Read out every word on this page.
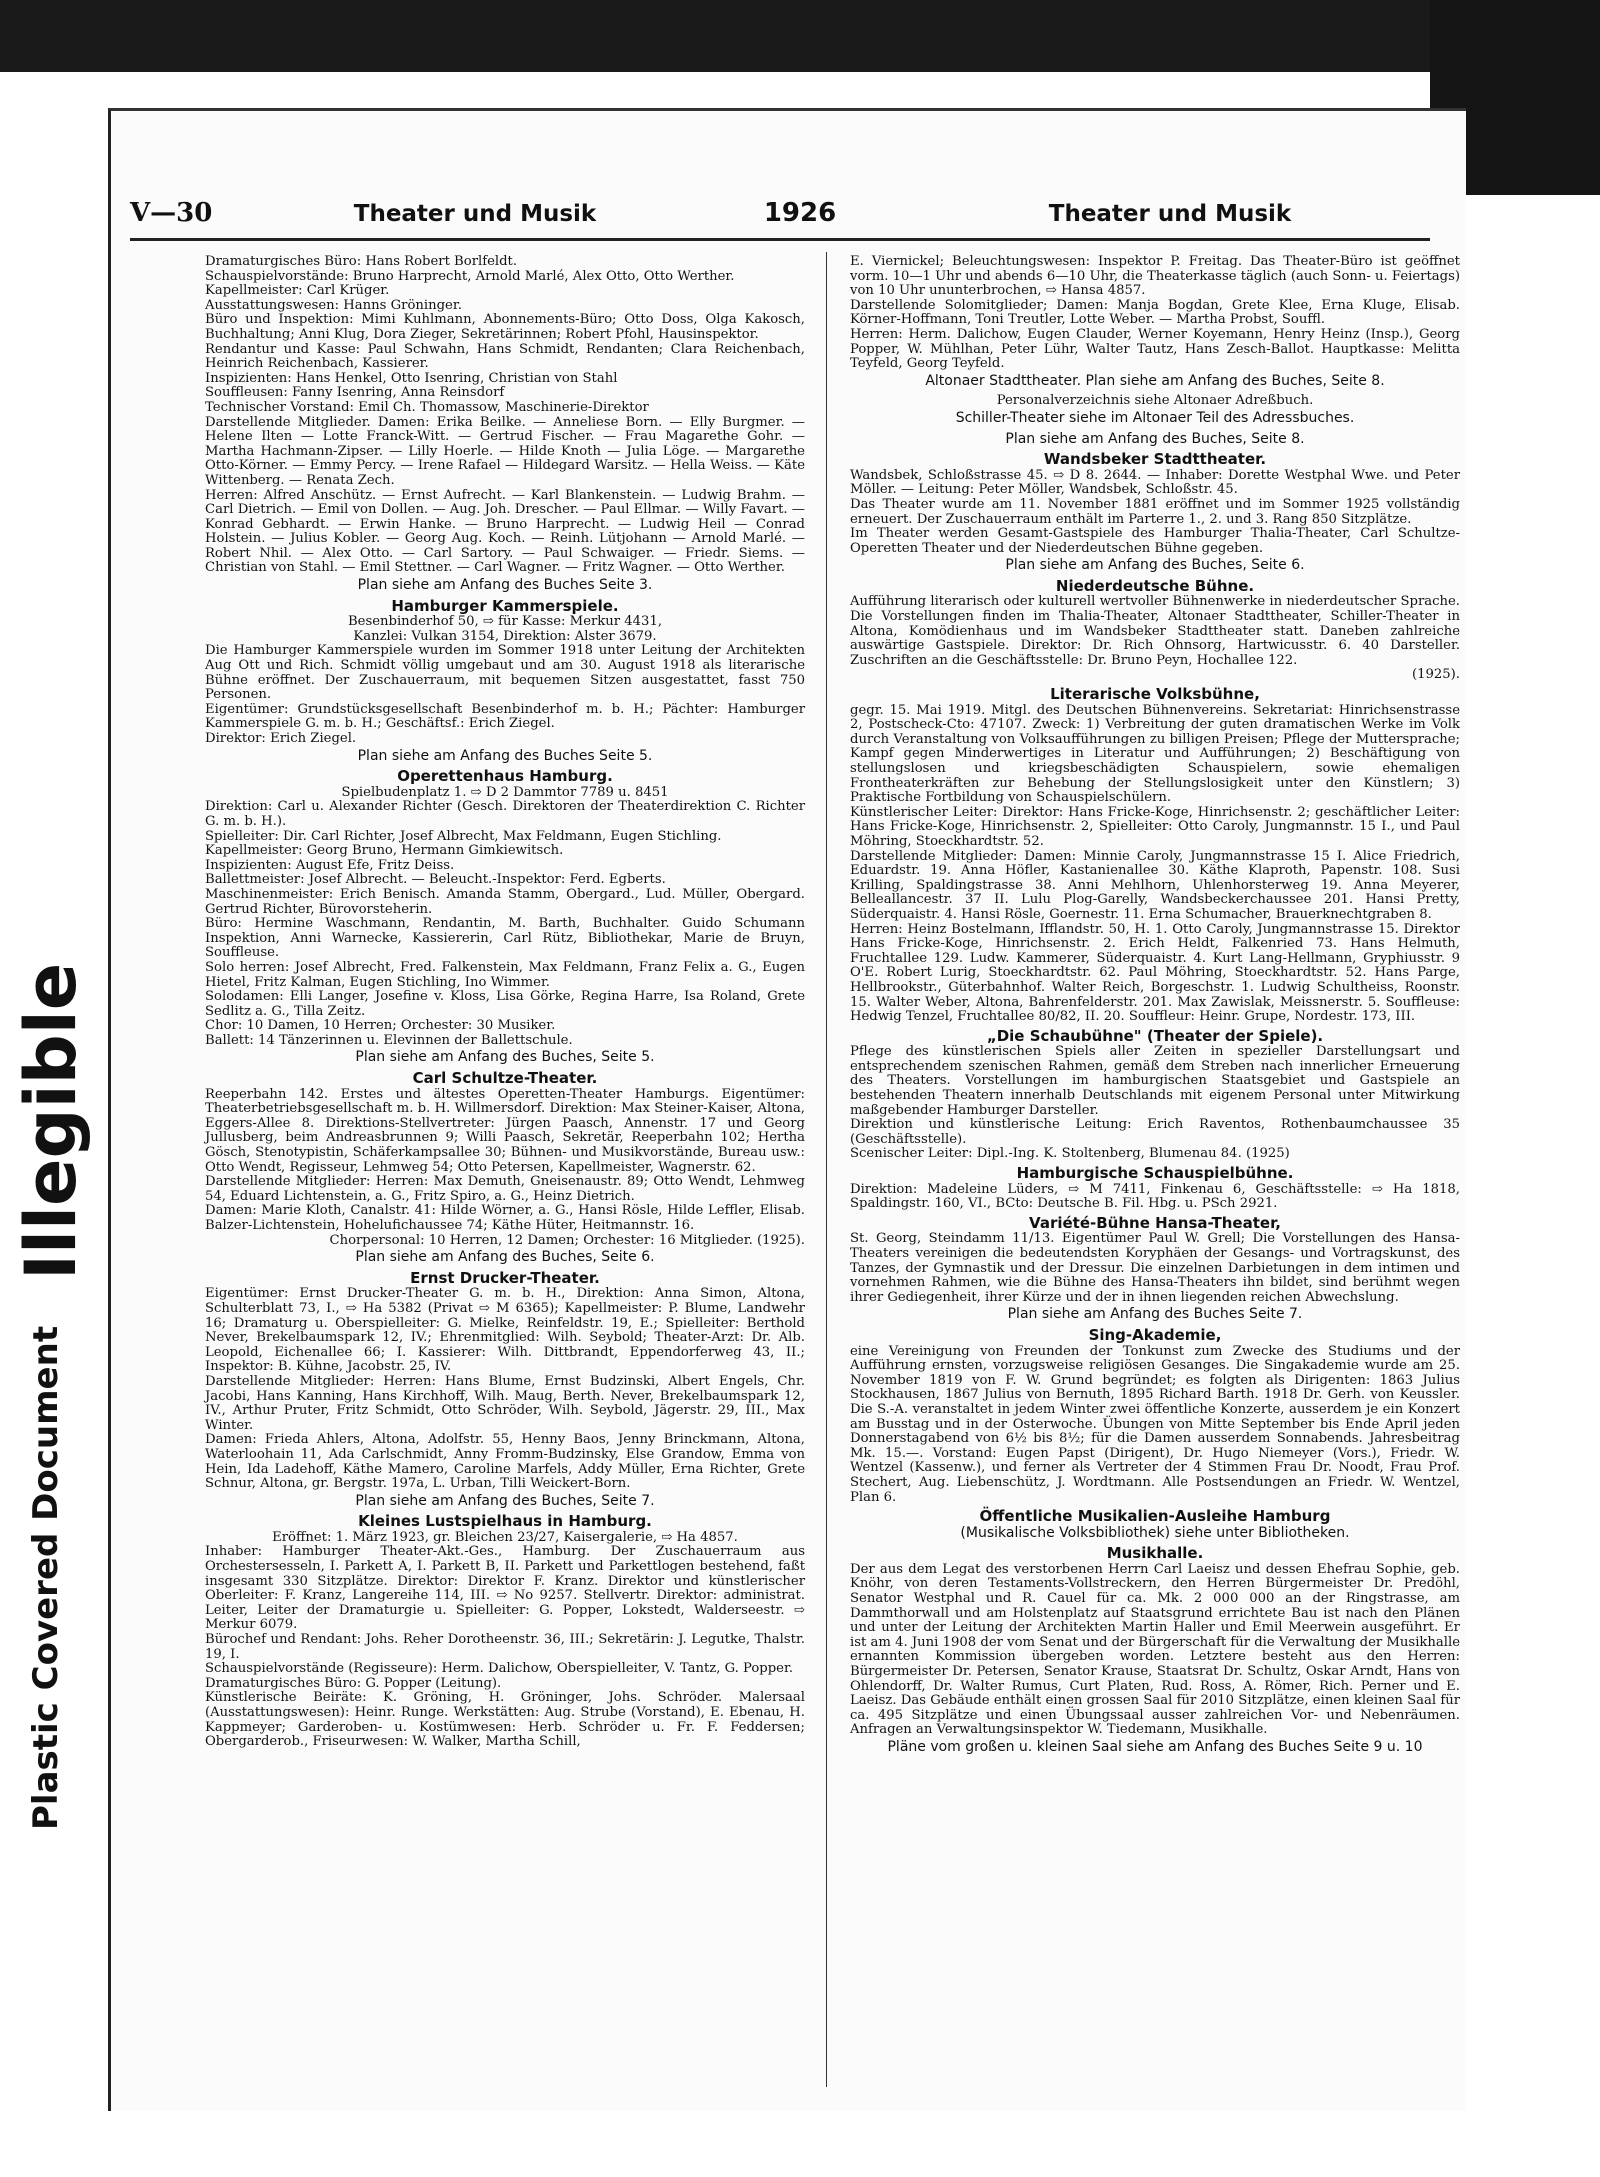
Illegible
Plastic Covered Document
V—30	Theater und Musik	1926	Theater und Musik

Dramaturgisches Büro: Hans Robert Borlfeldt.

Schauspielvorstände: Bruno Harprecht, Arnold Marlé, Alex Otto, Otto Werther.

Kapellmeister: Carl Krüger.

Ausstattungswesen: Hanns Gröninger.

Büro und Inspektion: Mimi Kuhlmann, Abonnements-Büro; Otto Doss, Olga Kakosch, Buchhaltung; Anni Klug, Dora Zieger, Sekretärinnen; Robert Pfohl, Hausinspektor.

Rendantur und Kasse: Paul Schwahn, Hans Schmidt, Rendanten; Clara Reichenbach, Heinrich Reichenbach, Kassierer.

Inspizienten: Hans Henkel, Otto Isenring, Christian von Stahl

Souffleusen: Fanny Isenring, Anna Reinsdorf

Technischer Vorstand: Emil Ch. Thomassow, Maschinerie-Direktor

Darstellende Mitglieder. Damen: Erika Beilke. — Anneliese Born. — Elly Burgmer. — Helene Ilten — Lotte Franck-Witt. — Gertrud Fischer. — Frau Magarethe Gohr. — Martha Hachmann-Zipser. — Lilly Hoerle. — Hilde Knoth — Julia Löge. — Margarethe Otto-Körner. — Emmy Percy. — Irene Rafael — Hildegard Warsitz. — Hella Weiss. — Käte Wittenberg. — Renata Zech.

Herren: Alfred Anschütz. — Ernst Aufrecht. — Karl Blankenstein. — Ludwig Brahm. — Carl Dietrich. — Emil von Dollen. — Aug. Joh. Drescher. — Paul Ellmar. — Willy Favart. — Konrad Gebhardt. — Erwin Hanke. — Bruno Harprecht. — Ludwig Heil — Conrad Holstein. — Julius Kobler. — Georg Aug. Koch. — Reinh. Lütjohann — Arnold Marlé. — Robert Nhil. — Alex Otto. — Carl Sartory. — Paul Schwaiger. — Friedr. Siems. — Christian von Stahl. — Emil Stettner. — Carl Wagner. — Fritz Wagner. — Otto Werther.

Plan siehe am Anfang des Buches Seite 3.

Hamburger Kammerspiele.

Besenbinderhof 50, ⇨ für Kasse: Merkur 4431,

Kanzlei: Vulkan 3154, Direktion: Alster 3679.

Die Hamburger Kammerspiele wurden im Sommer 1918 unter Leitung der Architekten Aug Ott und Rich. Schmidt völlig umgebaut und am 30. August 1918 als literarische Bühne eröffnet. Der Zuschauerraum, mit bequemen Sitzen ausgestattet, fasst 750 Personen.

Eigentümer: Grundstücksgesellschaft Besenbinderhof m. b. H.; Pächter: Hamburger Kammerspiele G. m. b. H.; Geschäftsf.: Erich Ziegel.

Direktor: Erich Ziegel.

Plan siehe am Anfang des Buches Seite 5.

Operettenhaus Hamburg.

Spielbudenplatz 1. ⇨ D 2 Dammtor 7789 u. 8451

Direktion: Carl u. Alexander Richter (Gesch. Direktoren der Theaterdirektion C. Richter G. m. b. H.).

Spielleiter: Dir. Carl Richter, Josef Albrecht, Max Feldmann, Eugen Stichling.

Kapellmeister: Georg Bruno, Hermann Gimkiewitsch.

Inspizienten: August Efe, Fritz Deiss.

Ballettmeister: Josef Albrecht. — Beleucht.-Inspektor: Ferd. Egberts.

Maschinenmeister: Erich Benisch. Amanda Stamm, Obergard., Lud. Müller, Obergard. Gertrud Richter, Bürovorsteherin.

Büro: Hermine Waschmann, Rendantin, M. Barth, Buchhalter. Guido Schumann Inspektion, Anni Warnecke, Kassiererin, Carl Rütz, Bibliothekar, Marie de Bruyn, Souffleuse.

Solo herren: Josef Albrecht, Fred. Falkenstein, Max Feldmann, Franz Felix a. G., Eugen Hietel, Fritz Kalman, Eugen Stichling, Ino Wimmer.

Solodamen: Elli Langer, Josefine v. Kloss, Lisa Görke, Regina Harre, Isa Roland, Grete Sedlitz a. G., Tilla Zeitz.

Chor: 10 Damen, 10 Herren; Orchester: 30 Musiker.

Ballett: 14 Tänzerinnen u. Elevinnen der Ballettschule.

Plan siehe am Anfang des Buches, Seite 5.

Carl Schultze-Theater.

Reeperbahn 142. Erstes und ältestes Operetten-Theater Hamburgs. Eigentümer: Theaterbetriebsgesellschaft m. b. H. Willmersdorf. Direktion: Max Steiner-Kaiser, Altona, Eggers-Allee 8. Direktions-Stellvertreter: Jürgen Paasch, Annenstr. 17 und Georg Jullusberg, beim Andreasbrunnen 9; Willi Paasch, Sekretär, Reeperbahn 102; Hertha Gösch, Stenotypistin, Schäferkampsallee 30; Bühnen- und Musikvorstände, Bureau usw.: Otto Wendt, Regisseur, Lehmweg 54; Otto Petersen, Kapellmeister, Wagnerstr. 62.

Darstellende Mitglieder: Herren: Max Demuth, Gneisenaustr. 89; Otto Wendt, Lehmweg 54, Eduard Lichtenstein, a. G., Fritz Spiro, a. G., Heinz Dietrich.

Damen: Marie Kloth, Canalstr. 41: Hilde Wörner, a. G., Hansi Rösle, Hilde Leffler, Elisab. Balzer-Lichtenstein, Hohelufichaussee 74; Käthe Hüter, Heitmannstr. 16.

Chorpersonal: 10 Herren, 12 Damen; Orchester: 16 Mitglieder. (1925).

Plan siehe am Anfang des Buches, Seite 6.

Ernst Drucker-Theater.

Eigentümer: Ernst Drucker-Theater G. m. b. H., Direktion: Anna Simon, Altona, Schulterblatt 73, I., ⇨ Ha 5382 (Privat ⇨ M 6365); Kapellmeister: P. Blume, Landwehr 16; Dramaturg u. Oberspielleiter: G. Mielke, Reinfeldstr. 19, E.; Spielleiter: Berthold Never, Brekelbaumspark 12, IV.; Ehrenmitglied: Wilh. Seybold; Theater-Arzt: Dr. Alb. Leopold, Eichenallee 66; I. Kassierer: Wilh. Dittbrandt, Eppendorferweg 43, II.; Inspektor: B. Kühne, Jacobstr. 25, IV.

Darstellende Mitglieder: Herren: Hans Blume, Ernst Budzinski, Albert Engels, Chr. Jacobi, Hans Kanning, Hans Kirchhoff, Wilh. Maug, Berth. Never, Brekelbaumspark 12, IV., Arthur Pruter, Fritz Schmidt, Otto Schröder, Wilh. Seybold, Jägerstr. 29, III., Max Winter.

Damen: Frieda Ahlers, Altona, Adolfstr. 55, Henny Baos, Jenny Brinckmann, Altona, Waterloohain 11, Ada Carlschmidt, Anny Fromm-Budzinsky, Else Grandow, Emma von Hein, Ida Ladehoff, Käthe Mamero, Caroline Marfels, Addy Müller, Erna Richter, Grete Schnur, Altona, gr. Bergstr. 197a, L. Urban, Tilli Weickert-Born.

Plan siehe am Anfang des Buches, Seite 7.

Kleines Lustspielhaus in Hamburg.

Eröffnet: 1. März 1923, gr. Bleichen 23/27, Kaisergalerie, ⇨ Ha 4857.

Inhaber: Hamburger Theater-Akt.-Ges., Hamburg. Der Zuschauerraum aus Orchestersesseln, I. Parkett A, I. Parkett B, II. Parkett und Parkettlogen bestehend, faßt insgesamt 330 Sitzplätze. Direktor: Direktor F. Kranz. Direktor und künstlerischer Oberleiter: F. Kranz, Langereihe 114, III. ⇨ No 9257. Stellvertr. Direktor: administrat. Leiter, Leiter der Dramaturgie u. Spielleiter: G. Popper, Lokstedt, Walderseestr. ⇨ Merkur 6079.

Bürochef und Rendant: Johs. Reher Dorotheenstr. 36, III.; Sekretärin: J. Legutke, Thalstr. 19, I.

Schauspielvorstände (Regisseure): Herm. Dalichow, Oberspielleiter, V. Tantz, G. Popper.

Dramaturgisches Büro: G. Popper (Leitung).

Künstlerische Beiräte: K. Gröning, H. Gröninger, Johs. Schröder. Malersaal (Ausstattungswesen): Heinr. Runge. Werkstätten: Aug. Strube (Vorstand), E. Ebenau, H. Kappmeyer; Garderoben- u. Kostümwesen: Herb. Schröder u. Fr. F. Feddersen; Obergarderob., Friseurwesen: W. Walker, Martha Schill,

E. Viernickel; Beleuchtungswesen: Inspektor P. Freitag. Das Theater-Büro ist geöffnet vorm. 10—1 Uhr und abends 6—10 Uhr, die Theaterkasse täglich (auch Sonn- u. Feiertags) von 10 Uhr ununterbrochen, ⇨ Hansa 4857.

Darstellende Solomitglieder; Damen: Manja Bogdan, Grete Klee, Erna Kluge, Elisab. Körner-Hoffmann, Toni Treutler, Lotte Weber. — Martha Probst, Souffl.

Herren: Herm. Dalichow, Eugen Clauder, Werner Koyemann, Henry Heinz (Insp.), Georg Popper, W. Mühlhan, Peter Lühr, Walter Tautz, Hans Zesch-Ballot. Hauptkasse: Melitta Teyfeld, Georg Teyfeld.

Altonaer Stadttheater. Plan siehe am Anfang des Buches, Seite 8.

Personalverzeichnis siehe Altonaer Adreßbuch.

Schiller-Theater siehe im Altonaer Teil des Adressbuches.

Plan siehe am Anfang des Buches, Seite 8.

Wandsbeker Stadttheater.

Wandsbek, Schloßstrasse 45. ⇨ D 8. 2644. — Inhaber: Dorette Westphal Wwe. und Peter Möller. — Leitung: Peter Möller, Wandsbek, Schloßstr. 45.

Das Theater wurde am 11. November 1881 eröffnet und im Sommer 1925 vollständig erneuert. Der Zuschauerraum enthält im Parterre 1., 2. und 3. Rang 850 Sitzplätze.

Im Theater werden Gesamt-Gastspiele des Hamburger Thalia-Theater, Carl Schultze-Operetten Theater und der Niederdeutschen Bühne gegeben.

Plan siehe am Anfang des Buches, Seite 6.

Niederdeutsche Bühne.

Aufführung literarisch oder kulturell wertvoller Bühnenwerke in niederdeutscher Sprache. Die Vorstellungen finden im Thalia-Theater, Altonaer Stadttheater, Schiller-Theater in Altona, Komödienhaus und im Wandsbeker Stadttheater statt. Daneben zahlreiche auswärtige Gastspiele. Direktor: Dr. Rich Ohnsorg, Hartwicusstr. 6. 40 Darsteller. Zuschriften an die Geschäftsstelle: Dr. Bruno Peyn, Hochallee 122.

(1925).

Literarische Volksbühne,

gegr. 15. Mai 1919. Mitgl. des Deutschen Bühnenvereins. Sekretariat: Hinrichsenstrasse 2, Postscheck-Cto: 47107. Zweck: 1) Verbreitung der guten dramatischen Werke im Volk durch Veranstaltung von Volksaufführungen zu billigen Preisen; Pflege der Muttersprache; Kampf gegen Minderwertiges in Literatur und Aufführungen; 2) Beschäftigung von stellungslosen und kriegsbeschädigten Schauspielern, sowie ehemaligen Frontheaterkräften zur Behebung der Stellungslosigkeit unter den Künstlern; 3) Praktische Fortbildung von Schauspielschülern.

Künstlerischer Leiter: Direktor: Hans Fricke-Koge, Hinrichsenstr. 2; geschäftlicher Leiter: Hans Fricke-Koge, Hinrichsenstr. 2, Spielleiter: Otto Caroly, Jungmannstr. 15 I., und Paul Möhring, Stoeckhardtstr. 52.

Darstellende Mitglieder: Damen: Minnie Caroly, Jungmannstrasse 15 I. Alice Friedrich, Eduardstr. 19. Anna Höfler, Kastanienallee 30. Käthe Klaproth, Papenstr. 108. Susi Krilling, Spaldingstrasse 38. Anni Mehlhorn, Uhlenhorsterweg 19. Anna Meyerer, Belleallancestr. 37 II. Lulu Plog-Garelly, Wandsbeckerchaussee 201. Hansi Pretty, Süderquaistr. 4. Hansi Rösle, Goernestr. 11. Erna Schumacher, Brauerknechtgraben 8.

Herren: Heinz Bostelmann, Ifflandstr. 50, H. 1. Otto Caroly, Jungmannstrasse 15. Direktor Hans Fricke-Koge, Hinrichsenstr. 2. Erich Heldt, Falkenried 73. Hans Helmuth, Fruchtallee 129. Ludw. Kammerer, Süderquaistr. 4. Kurt Lang-Hellmann, Gryphiusstr. 9 O'E. Robert Lurig, Stoeckhardtstr. 62. Paul Möhring, Stoeckhardtstr. 52. Hans Parge, Hellbrookstr., Güterbahnhof. Walter Reich, Borgeschstr. 1. Ludwig Schultheiss, Roonstr. 15. Walter Weber, Altona, Bahrenfelderstr. 201. Max Zawislak, Meissnerstr. 5. Souffleuse: Hedwig Tenzel, Fruchtallee 80/82, II. 20. Souffleur: Heinr. Grupe, Nordestr. 173, III.

„Die Schaubühne" (Theater der Spiele).

Pflege des künstlerischen Spiels aller Zeiten in spezieller Darstellungsart und entsprechendem szenischen Rahmen, gemäß dem Streben nach innerlicher Erneuerung des Theaters. Vorstellungen im hamburgischen Staatsgebiet und Gastspiele an bestehenden Theatern innerhalb Deutschlands mit eigenem Personal unter Mitwirkung maßgebender Hamburger Darsteller.

Direktion und künstlerische Leitung: Erich Raventos, Rothenbaumchaussee 35 (Geschäftsstelle).

Scenischer Leiter: Dipl.-Ing. K. Stoltenberg, Blumenau 84. (1925)

Hamburgische Schauspielbühne.

Direktion: Madeleine Lüders, ⇨ M 7411, Finkenau 6, Geschäftsstelle: ⇨ Ha 1818, Spaldingstr. 160, VI., BCto: Deutsche B. Fil. Hbg. u. PSch 2921.

Variété-Bühne Hansa-Theater,

St. Georg, Steindamm 11/13. Eigentümer Paul W. Grell; Die Vorstellungen des Hansa-Theaters vereinigen die bedeutendsten Koryphäen der Gesangs- und Vortragskunst, des Tanzes, der Gymnastik und der Dressur. Die einzelnen Darbietungen in dem intimen und vornehmen Rahmen, wie die Bühne des Hansa-Theaters ihn bildet, sind berühmt wegen ihrer Gediegenheit, ihrer Kürze und der in ihnen liegenden reichen Abwechslung.

Plan siehe am Anfang des Buches Seite 7.

Sing-Akademie,

eine Vereinigung von Freunden der Tonkunst zum Zwecke des Studiums und der Aufführung ernsten, vorzugsweise religiösen Gesanges. Die Singakademie wurde am 25. November 1819 von F. W. Grund begründet; es folgten als Dirigenten: 1863 Julius Stockhausen, 1867 Julius von Bernuth, 1895 Richard Barth. 1918 Dr. Gerh. von Keussler. Die S.-A. veranstaltet in jedem Winter zwei öffentliche Konzerte, ausserdem je ein Konzert am Busstag und in der Osterwoche. Übungen von Mitte September bis Ende April jeden Donnerstagabend von 6½ bis 8½; für die Damen ausserdem Sonnabends. Jahresbeitrag Mk. 15.—. Vorstand: Eugen Papst (Dirigent), Dr. Hugo Niemeyer (Vors.), Friedr. W. Wentzel (Kassenw.), und ferner als Vertreter der 4 Stimmen Frau Dr. Noodt, Frau Prof. Stechert, Aug. Liebenschütz, J. Wordtmann. Alle Postsendungen an Friedr. W. Wentzel, Plan 6.

Öffentliche Musikalien-Ausleihe Hamburg

(Musikalische Volksbibliothek) siehe unter Bibliotheken.

Musikhalle.

Der aus dem Legat des verstorbenen Herrn Carl Laeisz und dessen Ehefrau Sophie, geb. Knöhr, von deren Testaments-Vollstreckern, den Herren Bürgermeister Dr. Predöhl, Senator Westphal und R. Cauel für ca. Mk. 2 000 000 an der Ringstrasse, am Dammthorwall und am Holstenplatz auf Staatsgrund errichtete Bau ist nach den Plänen und unter der Leitung der Architekten Martin Haller und Emil Meerwein ausgeführt. Er ist am 4. Juni 1908 der vom Senat und der Bürgerschaft für die Verwaltung der Musikhalle ernannten Kommission übergeben worden. Letztere besteht aus den Herren: Bürgermeister Dr. Petersen, Senator Krause, Staatsrat Dr. Schultz, Oskar Arndt, Hans von Ohlendorff, Dr. Walter Rumus, Curt Platen, Rud. Ross, A. Römer, Rich. Perner und E. Laeisz. Das Gebäude enthält einen grossen Saal für 2010 Sitzplätze, einen kleinen Saal für ca. 495 Sitzplätze und einen Übungssaal ausser zahlreichen Vor- und Nebenräumen. Anfragen an Verwaltungsinspektor W. Tiedemann, Musikhalle.

Pläne vom großen u. kleinen Saal siehe am Anfang des Buches Seite 9 u. 10
